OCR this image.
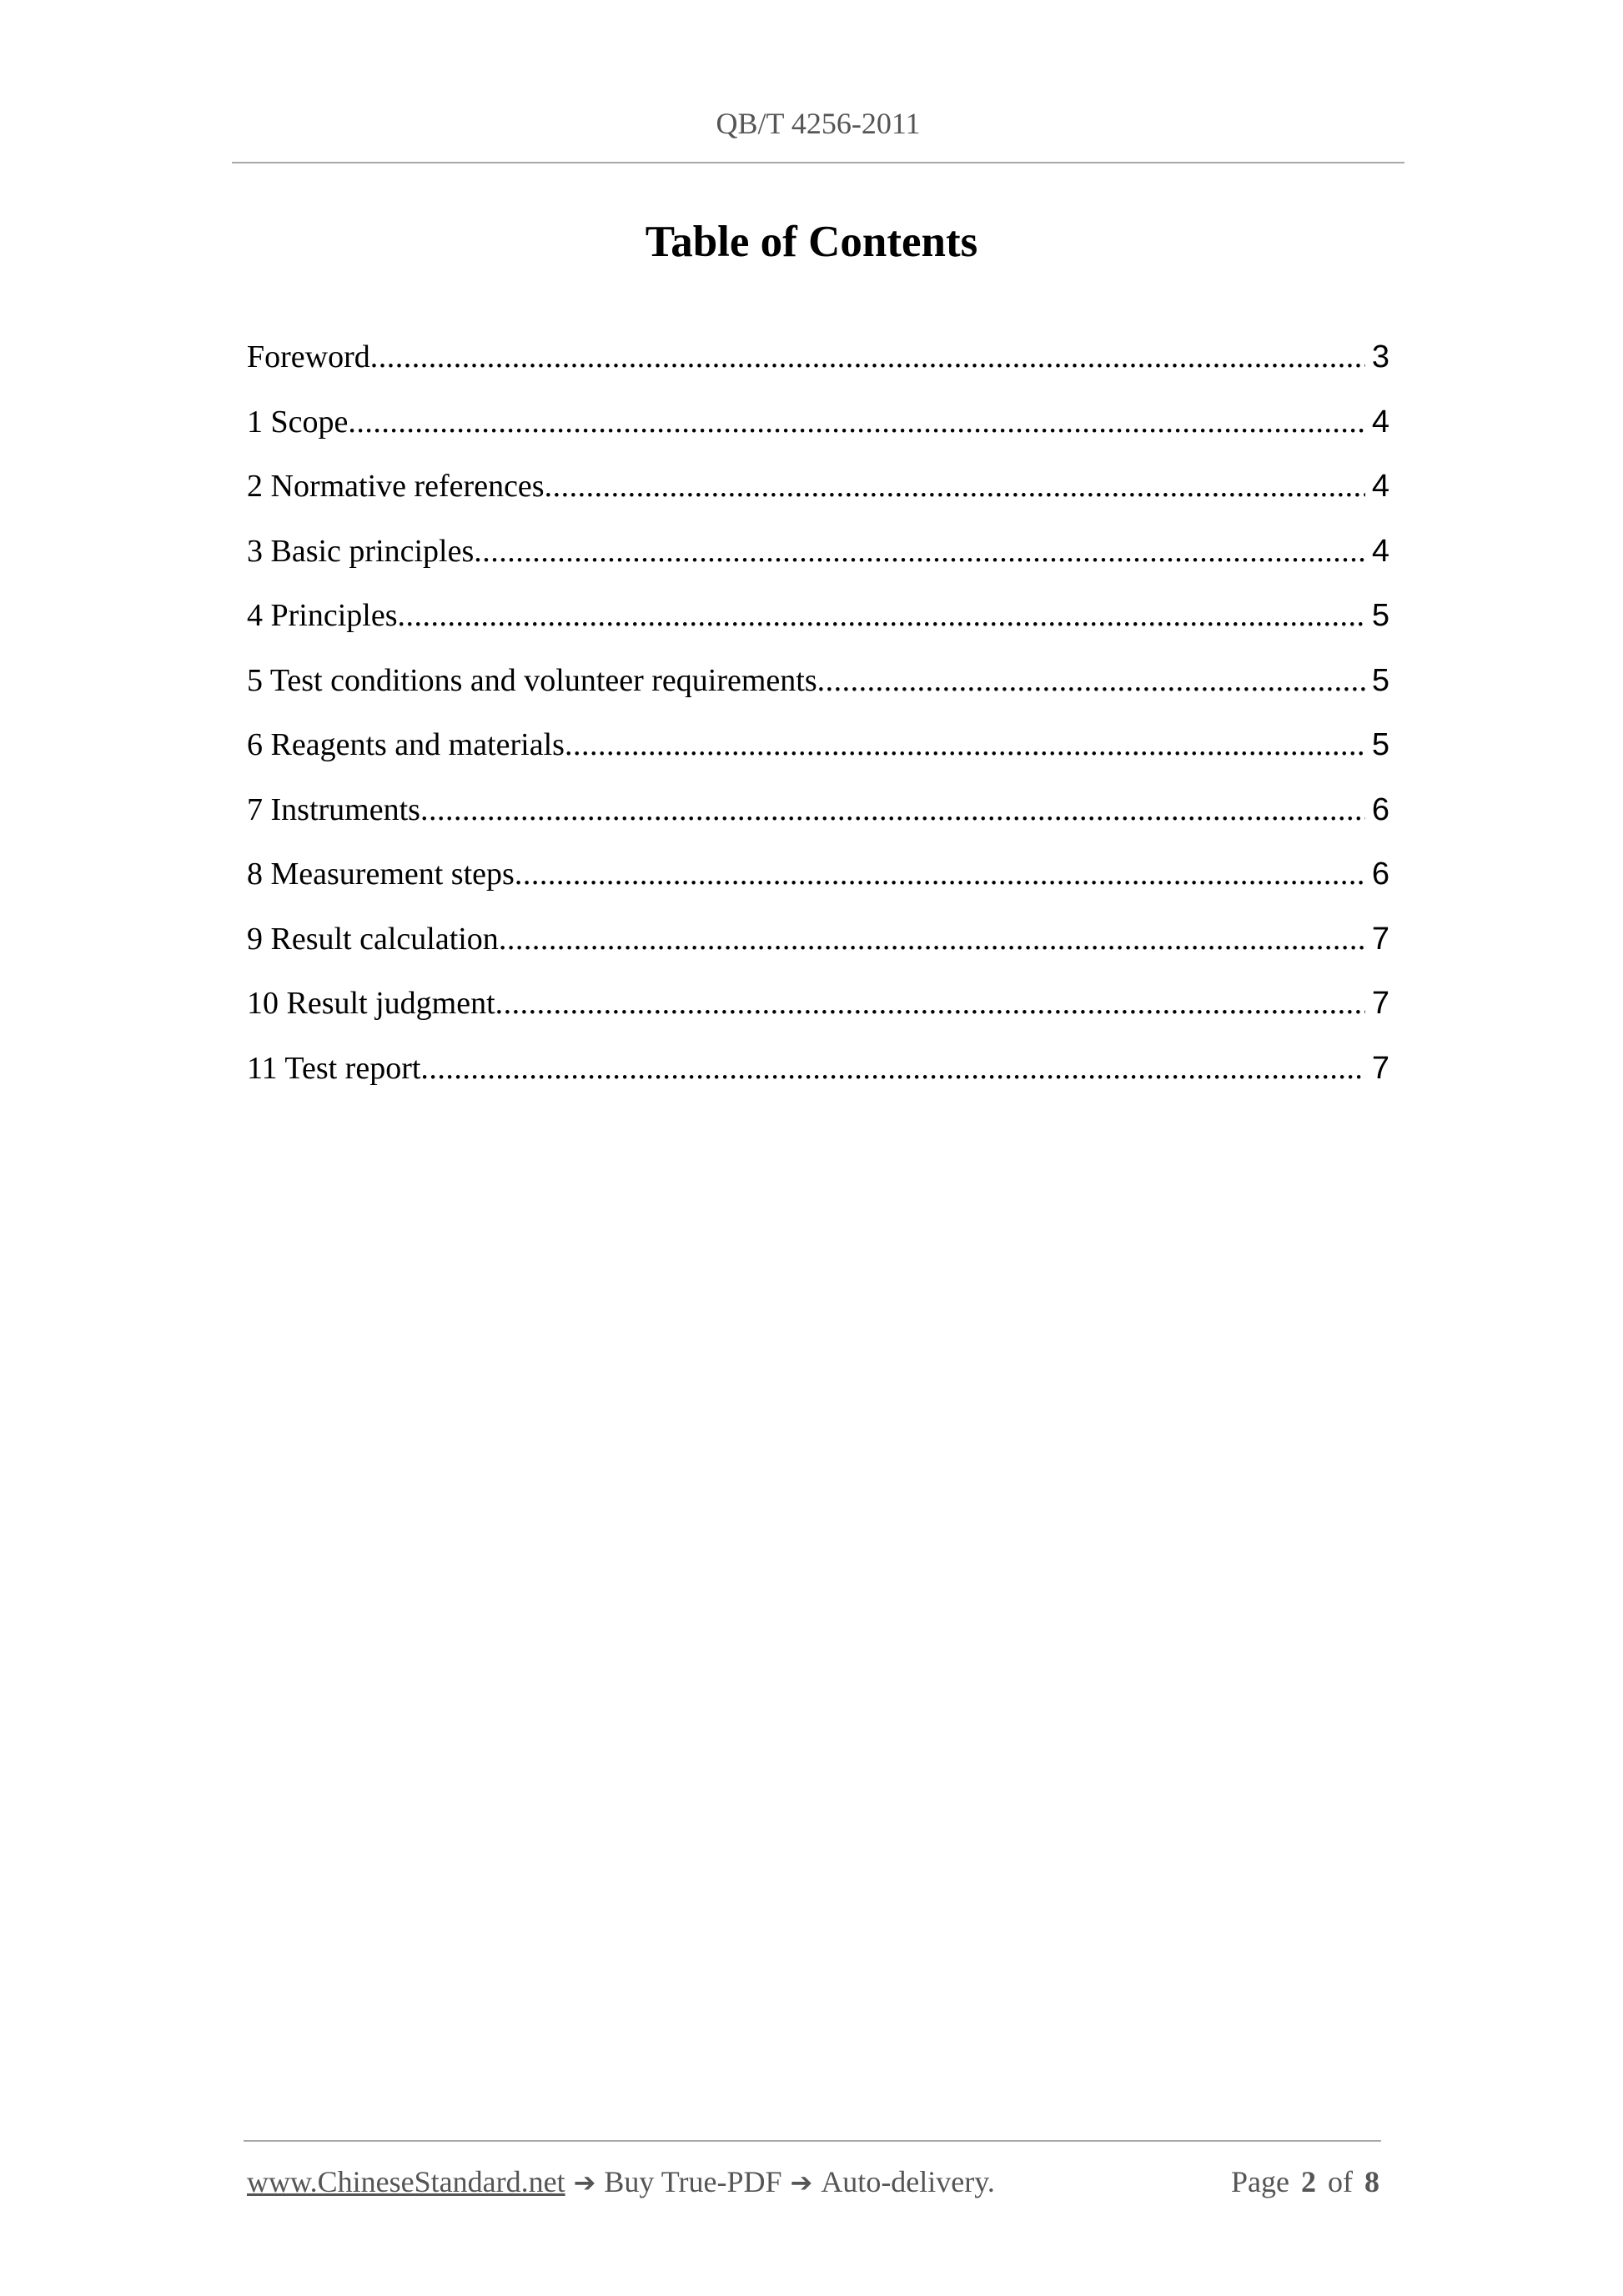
QB/T 4256-2011
Table of Contents
Foreword .....	3
1 Scope .....	4
2 Normative references .....	4
3 Basic principles .....	4
4 Principles .....	5
5 Test conditions and volunteer requirements .....	5
6 Reagents and materials .....	5
7 Instruments .....	6
8 Measurement steps .....	6
9 Result calculation .....	7
10 Result judgment .....	7
11 Test report .....	7
www.ChineseStandard.net ➔ Buy True-PDF ➔ Auto-delivery.	Page 2 of 8
